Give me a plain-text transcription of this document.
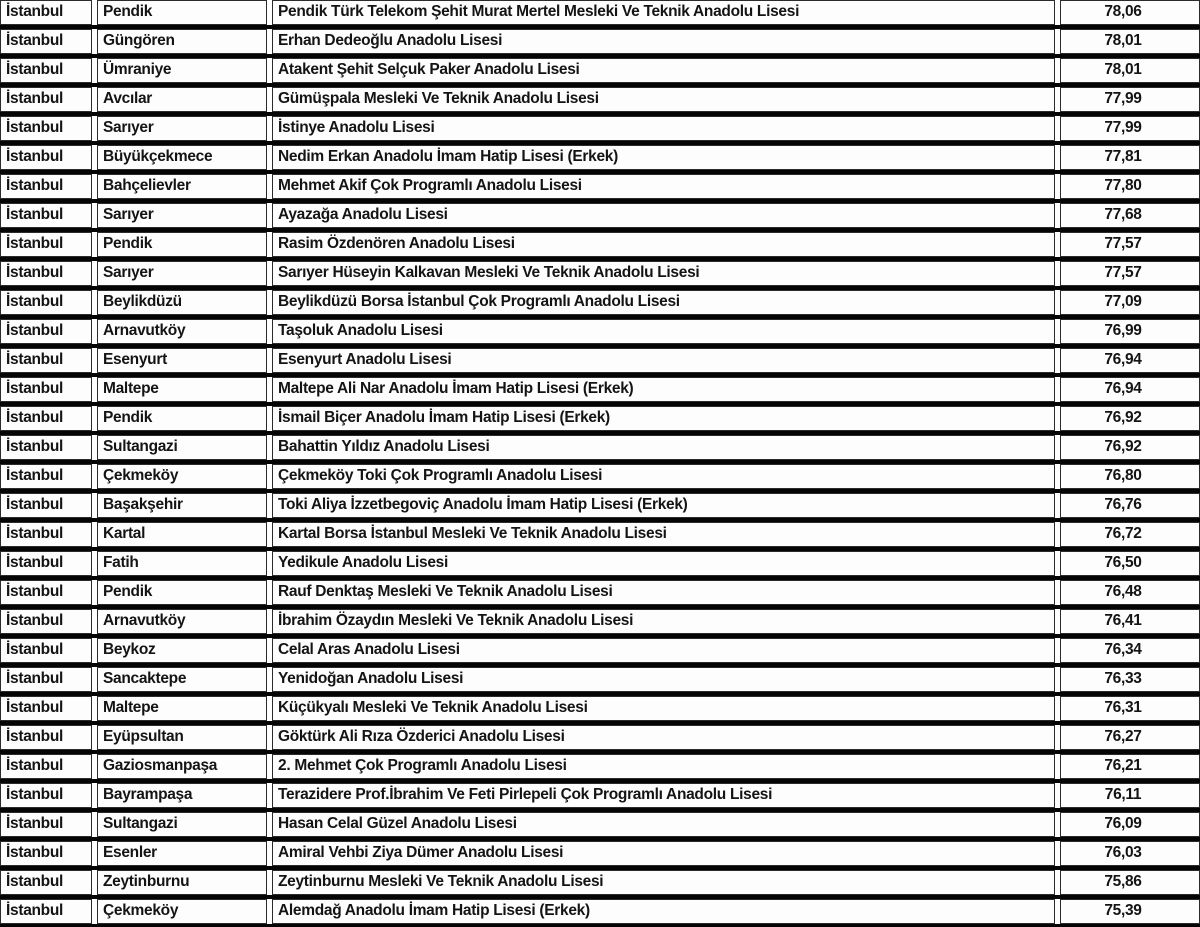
İstanbul	Pendik	Pendik Türk Telekom Şehit Murat Mertel Mesleki Ve Teknik Anadolu Lisesi	78,06
İstanbul	Güngören	Erhan Dedeoğlu Anadolu Lisesi	78,01
İstanbul	Ümraniye	Atakent Şehit Selçuk Paker Anadolu Lisesi	78,01
İstanbul	Avcılar	Gümüşpala Mesleki Ve Teknik Anadolu Lisesi	77,99
İstanbul	Sarıyer	İstinye Anadolu Lisesi	77,99
İstanbul	Büyükçekmece	Nedim Erkan Anadolu İmam Hatip Lisesi (Erkek)	77,81
İstanbul	Bahçelievler	Mehmet Akif Çok Programlı Anadolu Lisesi	77,80
İstanbul	Sarıyer	Ayazağa Anadolu Lisesi	77,68
İstanbul	Pendik	Rasim Özdenören Anadolu Lisesi	77,57
İstanbul	Sarıyer	Sarıyer Hüseyin Kalkavan Mesleki Ve Teknik Anadolu Lisesi	77,57
İstanbul	Beylikdüzü	Beylikdüzü Borsa İstanbul Çok Programlı Anadolu Lisesi	77,09
İstanbul	Arnavutköy	Taşoluk Anadolu Lisesi	76,99
İstanbul	Esenyurt	Esenyurt Anadolu Lisesi	76,94
İstanbul	Maltepe	Maltepe Ali Nar Anadolu İmam Hatip Lisesi (Erkek)	76,94
İstanbul	Pendik	İsmail Biçer Anadolu İmam Hatip Lisesi (Erkek)	76,92
İstanbul	Sultangazi	Bahattin Yıldız Anadolu Lisesi	76,92
İstanbul	Çekmeköy	Çekmeköy Toki Çok Programlı Anadolu Lisesi	76,80
İstanbul	Başakşehir	Toki Aliya İzzetbegoviç Anadolu İmam Hatip Lisesi (Erkek)	76,76
İstanbul	Kartal	Kartal Borsa İstanbul Mesleki Ve Teknik Anadolu Lisesi	76,72
İstanbul	Fatih	Yedikule Anadolu Lisesi	76,50
İstanbul	Pendik	Rauf Denktaş Mesleki Ve Teknik Anadolu Lisesi	76,48
İstanbul	Arnavutköy	İbrahim Özaydın Mesleki Ve Teknik Anadolu Lisesi	76,41
İstanbul	Beykoz	Celal Aras Anadolu Lisesi	76,34
İstanbul	Sancaktepe	Yenidoğan Anadolu Lisesi	76,33
İstanbul	Maltepe	Küçükyalı Mesleki Ve Teknik Anadolu Lisesi	76,31
İstanbul	Eyüpsultan	Göktürk Ali Rıza Özderici Anadolu Lisesi	76,27
İstanbul	Gaziosmanpaşa	2. Mehmet Çok Programlı Anadolu Lisesi	76,21
İstanbul	Bayrampaşa	Terazidere Prof.İbrahim Ve Feti Pirlepeli Çok Programlı Anadolu Lisesi	76,11
İstanbul	Sultangazi	Hasan Celal Güzel Anadolu Lisesi	76,09
İstanbul	Esenler	Amiral Vehbi Ziya Dümer Anadolu Lisesi	76,03
İstanbul	Zeytinburnu	Zeytinburnu Mesleki Ve Teknik Anadolu Lisesi	75,86
İstanbul	Çekmeköy	Alemdağ Anadolu İmam Hatip Lisesi (Erkek)	75,39
